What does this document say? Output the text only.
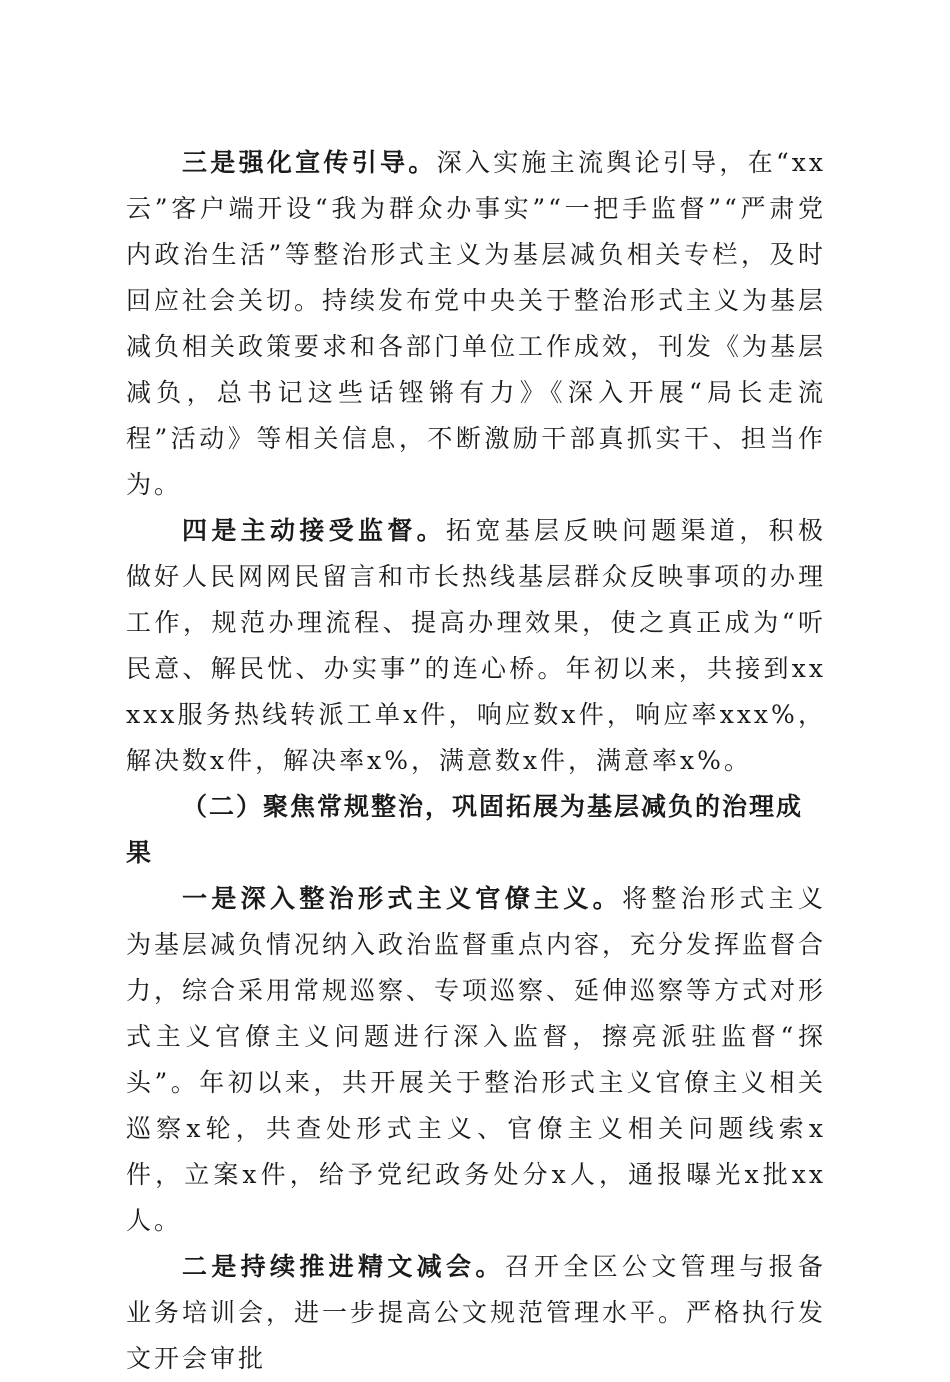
三是强化宣传引导。深入实施主流舆论引导，在“xx云”客户端开设“我为群众办事实”“一把手监督”“严肃党内政治生活”等整治形式主义为基层减负相关专栏，及时回应社会关切。持续发布党中央关于整治形式主义为基层减负相关政策要求和各部门单位工作成效，刊发《为基层减负，总书记这些话铿锵有力》《深入开展“局长走流程”活动》等相关信息，不断激励干部真抓实干、担当作为。

四是主动接受监督。拓宽基层反映问题渠道，积极做好人民网网民留言和市长热线基层群众反映事项的办理工作，规范办理流程、提高办理效果，使之真正成为“听民意、解民忧、办实事”的连心桥。年初以来，共接到xxxxx服务热线转派工单x件，响应数x件，响应率xxx%，解决数x件，解决率x%，满意数x件，满意率x%。

（二）聚焦常规整治，巩固拓展为基层减负的治理成果

一是深入整治形式主义官僚主义。将整治形式主义为基层减负情况纳入政治监督重点内容，充分发挥监督合力，综合采用常规巡察、专项巡察、延伸巡察等方式对形式主义官僚主义问题进行深入监督，擦亮派驻监督“探头”。年初以来，共开展关于整治形式主义官僚主义相关巡察x轮，共查处形式主义、官僚主义相关问题线索x件，立案x件，给予党纪政务处分x人，通报曝光x批xx人。

二是持续推进精文减会。召开全区公文管理与报备业务培训会，进一步提高公文规范管理水平。严格执行发文开会审批
